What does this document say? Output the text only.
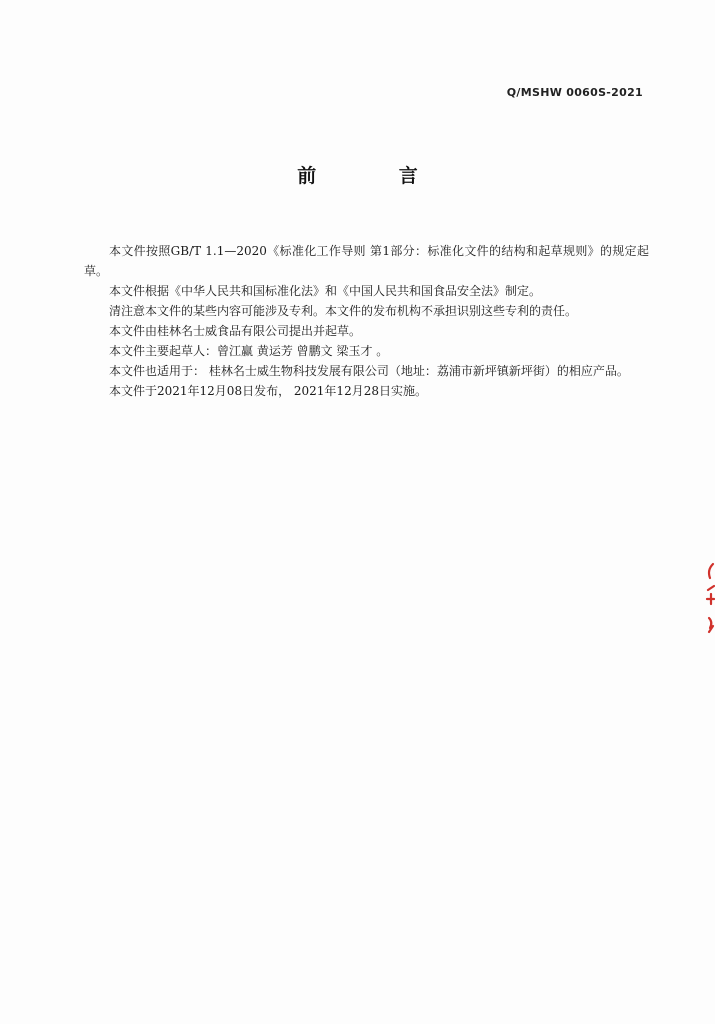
Q/MSHW 0060S-2021
前 言

本文件按照GB/T 1.1—2020《标准化工作导则 第1部分：标准化文件的结构和起草规则》的规定起草。

本文件根据《中华人民共和国标准化法》和《中国人民共和国食品安全法》制定。

清注意本文件的某些内容可能涉及专利。本文件的发布机构不承担识别这些专利的责任。

本文件由桂林名士威食品有限公司提出并起草。

本文件主要起草人：曾江赢 黄运芳 曾鹏文 梁玉才 。

本文件也适用于： 桂林名士威生物科技发展有限公司（地址：荔浦市新坪镇新坪街）的相应产品。

本文件于2021年12月08日发布， 2021年12月28日实施。
